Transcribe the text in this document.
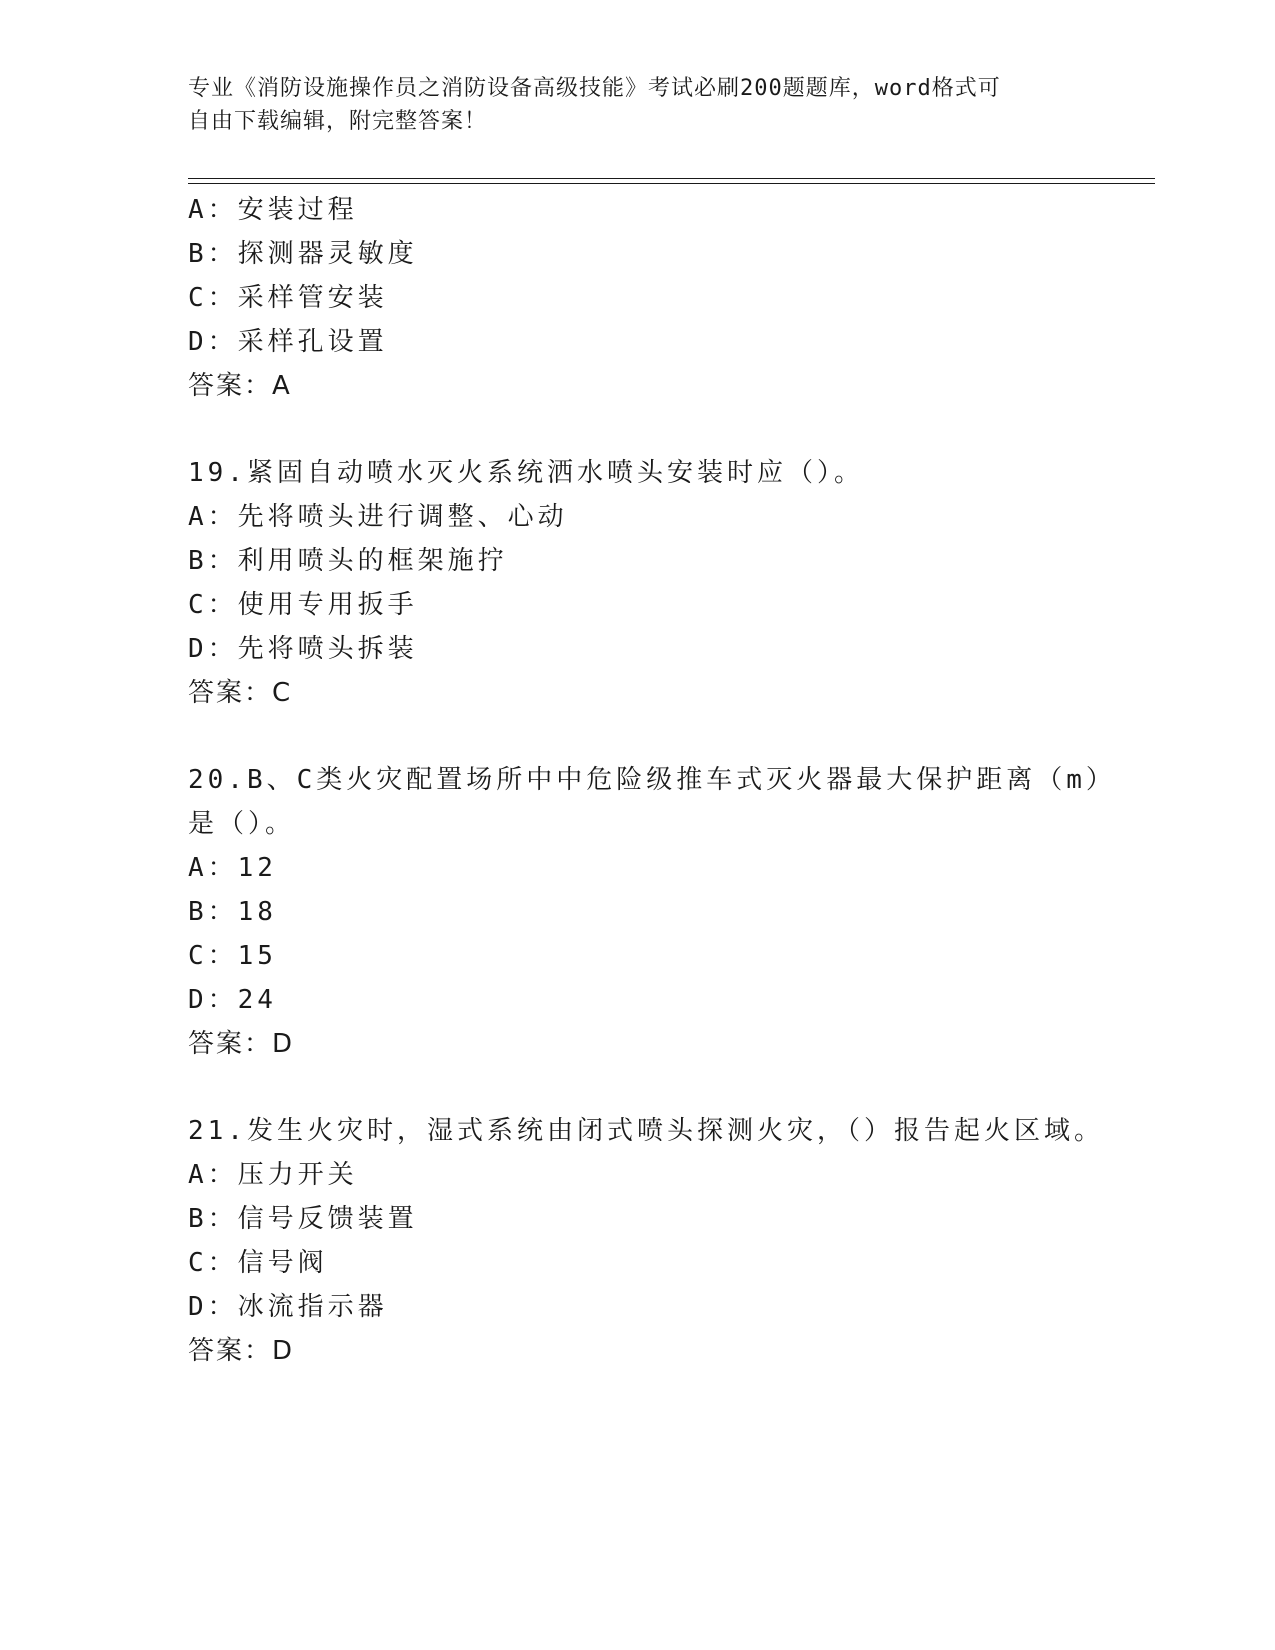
专业《消防设施操作员之消防设备高级技能》考试必刷200题题库，word格式可
自由下载编辑，附完整答案！
A：安装过程
B：探测器灵敏度
C：采样管安装
D：采样孔设置
答案：A
19.紧固自动喷水灭火系统洒水喷头安装时应（）。
A：先将喷头进行调整、心动
B：利用喷头的框架施拧
C：使用专用扳手
D：先将喷头拆装
答案：C
20.B、C类火灾配置场所中中危险级推车式灭火器最大保护距离（m）
是（）。
A：12
B：18
C：15
D：24
答案：D
21.发生火灾时，湿式系统由闭式喷头探测火灾，（）报告起火区域。
A：压力开关
B：信号反馈装置
C：信号阀
D：冰流指示器
答案：D
